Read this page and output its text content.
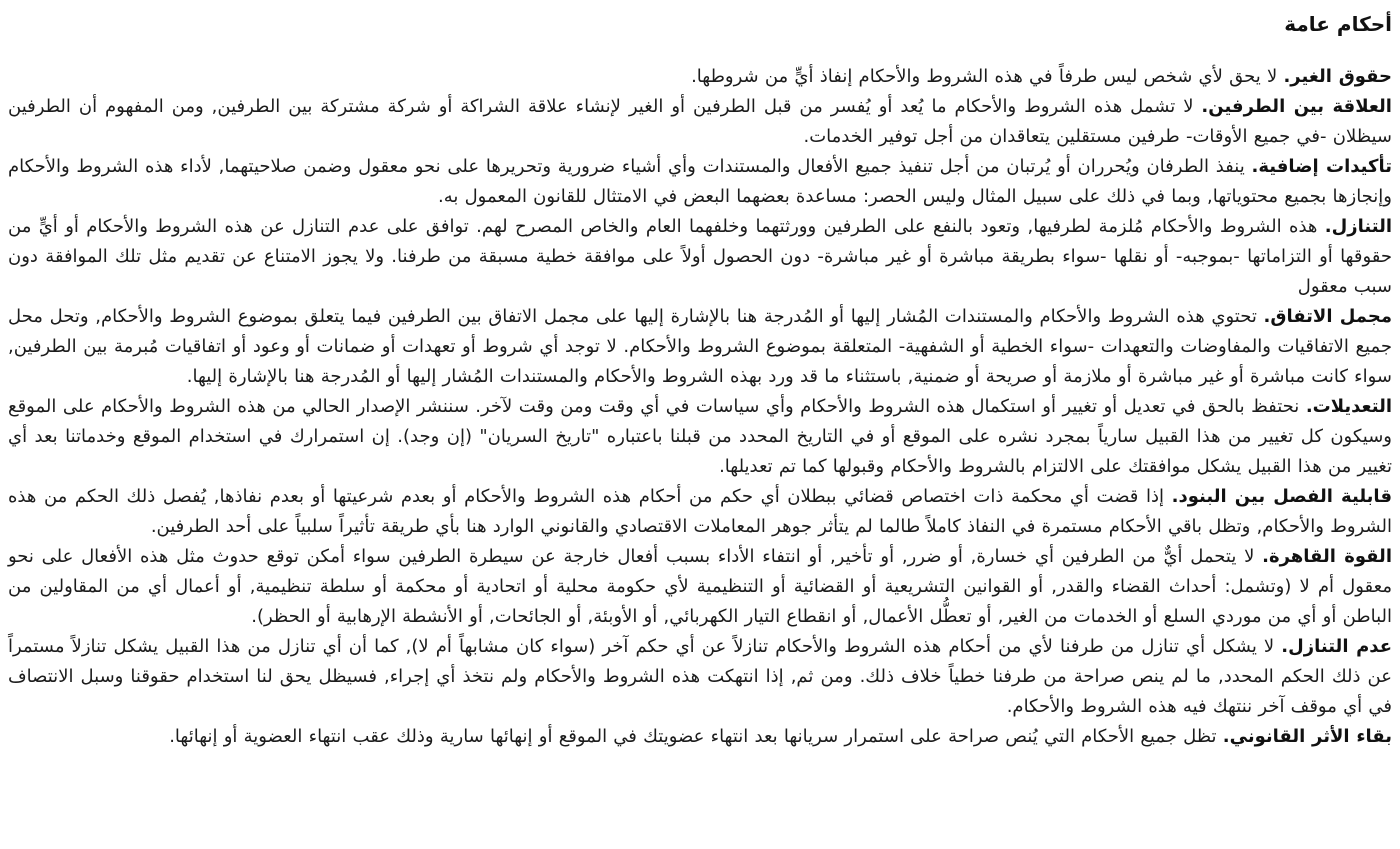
أحكام عامة

حقوق الغير. لا يحق لأي شخص ليس طرفاً في هذه الشروط والأحكام إنفاذ أيٍّ من شروطها.

العلاقة بين الطرفين. لا تشمل هذه الشروط والأحكام ما يُعد أو يُفسر من قبل الطرفين أو الغير لإنشاء علاقة الشراكة أو شركة مشتركة بين الطرفين, ومن المفهوم أن الطرفين سيظلان -في جميع الأوقات- طرفين مستقلين يتعاقدان من أجل توفير الخدمات.

تأكيدات إضافية. ينفذ الطرفان ويُحرران أو يُرتبان من أجل تنفيذ جميع الأفعال والمستندات وأي أشياء ضرورية وتحريرها على نحو معقول وضمن صلاحيتهما, لأداء هذه الشروط والأحكام وإنجازها بجميع محتوياتها, وبما في ذلك على سبيل المثال وليس الحصر: مساعدة بعضهما البعض في الامتثال للقانون المعمول به.

التنازل. هذه الشروط والأحكام مُلزمة لطرفيها, وتعود بالنفع على الطرفين وورثتهما وخلفهما العام والخاص المصرح لهم. توافق على عدم التنازل عن هذه الشروط والأحكام أو أيٍّ من حقوقها أو التزاماتها -بموجبه- أو نقلها -سواء بطريقة مباشرة أو غير مباشرة- دون الحصول أولاً على موافقة خطية مسبقة من طرفنا. ولا يجوز الامتناع عن تقديم مثل تلك الموافقة دون سبب معقول

مجمل الاتفاق. تحتوي هذه الشروط والأحكام والمستندات المُشار إليها أو المُدرجة هنا بالإشارة إليها على مجمل الاتفاق بين الطرفين فيما يتعلق بموضوع الشروط والأحكام, وتحل محل جميع الاتفاقيات والمفاوضات والتعهدات -سواء الخطية أو الشفهية- المتعلقة بموضوع الشروط والأحكام. لا توجد أي شروط أو تعهدات أو ضمانات أو وعود أو اتفاقيات مُبرمة بين الطرفين, سواء كانت مباشرة أو غير مباشرة أو ملازمة أو صريحة أو ضمنية, باستثناء ما قد ورد بهذه الشروط والأحكام والمستندات المُشار إليها أو المُدرجة هنا بالإشارة إليها.

التعديلات. نحتفظ بالحق في تعديل أو تغيير أو استكمال هذه الشروط والأحكام وأي سياسات في أي وقت ومن وقت لآخر. سننشر الإصدار الحالي من هذه الشروط والأحكام على الموقع وسيكون كل تغيير من هذا القبيل سارياً بمجرد نشره على الموقع أو في التاريخ المحدد من قبلنا باعتباره "تاريخ السريان" (إن وجد). إن استمرارك في استخدام الموقع وخدماتنا بعد أي تغيير من هذا القبيل يشكل موافقتك على الالتزام بالشروط والأحكام وقبولها كما تم تعديلها.

قابلية الفصل بين البنود. إذا قضت أي محكمة ذات اختصاص قضائي ببطلان أي حكم من أحكام هذه الشروط والأحكام أو بعدم شرعيتها أو بعدم نفاذها, يُفصل ذلك الحكم من هذه الشروط والأحكام, وتظل باقي الأحكام مستمرة في النفاذ كاملاً طالما لم يتأثر جوهر المعاملات الاقتصادي والقانوني الوارد هنا بأي طريقة تأثيراً سلبياً على أحد الطرفين.

القوة القاهرة. لا يتحمل أيٌّ من الطرفين أي خسارة, أو ضرر, أو تأخير, أو انتفاء الأداء بسبب أفعال خارجة عن سيطرة الطرفين سواء أمكن توقع حدوث مثل هذه الأفعال على نحو معقول أم لا (وتشمل: أحداث القضاء والقدر, أو القوانين التشريعية أو القضائية أو التنظيمية لأي حكومة محلية أو اتحادية أو محكمة أو سلطة تنظيمية, أو أعمال أي من المقاولين من الباطن أو أي من موردي السلع أو الخدمات من الغير, أو تعطُّل الأعمال, أو انقطاع التيار الكهربائي, أو الأوبئة, أو الجائحات, أو الأنشطة الإرهابية أو الحظر).

عدم التنازل. لا يشكل أي تنازل من طرفنا لأي من أحكام هذه الشروط والأحكام تنازلاً عن أي حكم آخر (سواء كان مشابهاً أم لا), كما أن أي تنازل من هذا القبيل يشكل تنازلاً مستمراً عن ذلك الحكم المحدد, ما لم ينص صراحة من طرفنا خطياً خلاف ذلك. ومن ثم, إذا انتهكت هذه الشروط والأحكام ولم نتخذ أي إجراء, فسيظل يحق لنا استخدام حقوقنا وسبل الانتصاف في أي موقف آخر ننتهك فيه هذه الشروط والأحكام.

بقاء الأثر القانوني. تظل جميع الأحكام التي يُنص صراحة على استمرار سريانها بعد انتهاء عضويتك في الموقع أو إنهائها سارية وذلك عقب انتهاء العضوية أو إنهائها.
